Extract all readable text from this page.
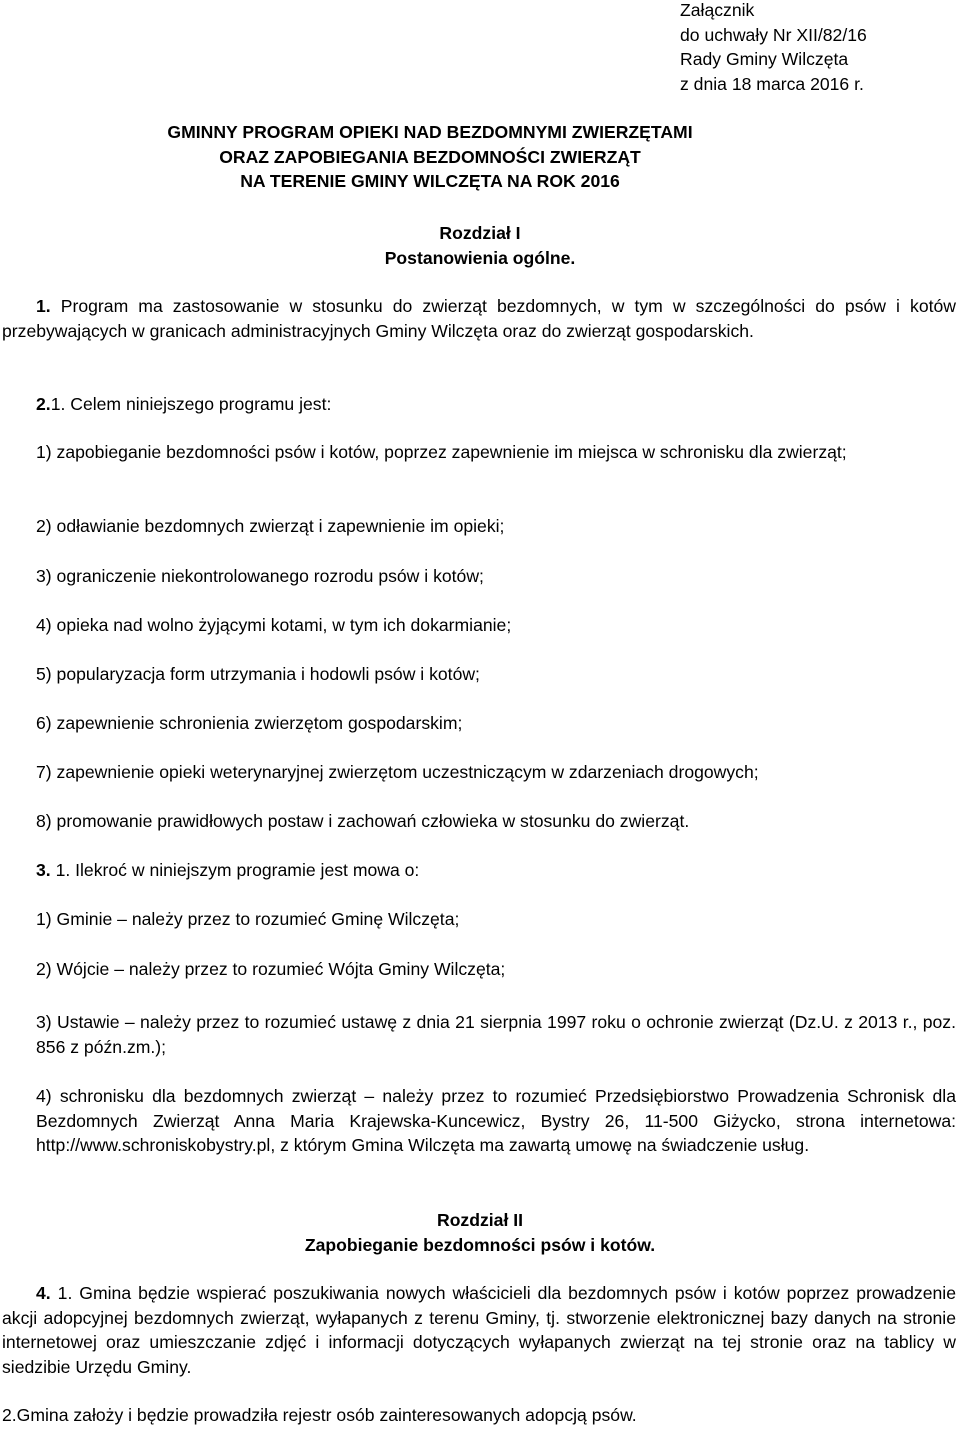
Załącznik
do uchwały Nr XII/82/16
Rady Gminy Wilczęta
z dnia 18 marca 2016 r.
GMINNY PROGRAM OPIEKI NAD BEZDOMNYMI ZWIERZĘTAMI
ORAZ ZAPOBIEGANIA BEZDOMNOŚCI ZWIERZĄT
NA TERENIE GMINY WILCZĘTA NA ROK 2016
Rozdział I
Postanowienia ogólne.
1. Program ma zastosowanie w stosunku do zwierząt bezdomnych, w tym w szczególności do psów i kotów przebywających w granicach administracyjnych Gminy Wilczęta oraz do zwierząt gospodarskich.
2.1. Celem niniejszego programu jest:
1) zapobieganie bezdomności psów i kotów, poprzez zapewnienie im miejsca w schronisku dla zwierząt;
2) odławianie bezdomnych zwierząt i zapewnienie im opieki;
3) ograniczenie niekontrolowanego rozrodu psów i kotów;
4) opieka nad wolno żyjącymi kotami, w tym ich dokarmianie;
5) popularyzacja form utrzymania i hodowli psów i kotów;
6) zapewnienie schronienia zwierzętom gospodarskim;
7) zapewnienie opieki weterynaryjnej zwierzętom uczestniczącym w zdarzeniach drogowych;
8) promowanie prawidłowych postaw i zachowań człowieka w stosunku do zwierząt.
3. 1. Ilekroć w niniejszym programie jest mowa o:
1) Gminie – należy przez to rozumieć Gminę Wilczęta;
2) Wójcie – należy przez to rozumieć Wójta Gminy Wilczęta;
3) Ustawie – należy przez to rozumieć ustawę z dnia 21 sierpnia 1997 roku o ochronie zwierząt (Dz.U. z 2013 r., poz. 856 z późn.zm.);
4) schronisku dla bezdomnych zwierząt – należy przez to rozumieć Przedsiębiorstwo Prowadzenia Schronisk dla Bezdomnych Zwierząt Anna Maria Krajewska-Kuncewicz, Bystry 26, 11-500 Giżycko, strona internetowa: http://www.schroniskobystry.pl, z którym Gmina Wilczęta ma zawartą umowę na świadczenie usług.
Rozdział II
Zapobieganie bezdomności psów i kotów.
4. 1. Gmina będzie wspierać poszukiwania nowych właścicieli dla bezdomnych psów i kotów poprzez prowadzenie akcji adopcyjnej bezdomnych zwierząt, wyłapanych z terenu Gminy, tj. stworzenie elektronicznej bazy danych na stronie internetowej oraz umieszczanie zdjęć i informacji dotyczących wyłapanych zwierząt na tej stronie oraz na tablicy w siedzibie Urzędu Gminy.
2.Gmina założy i będzie prowadziła rejestr osób zainteresowanych adopcją psów.
